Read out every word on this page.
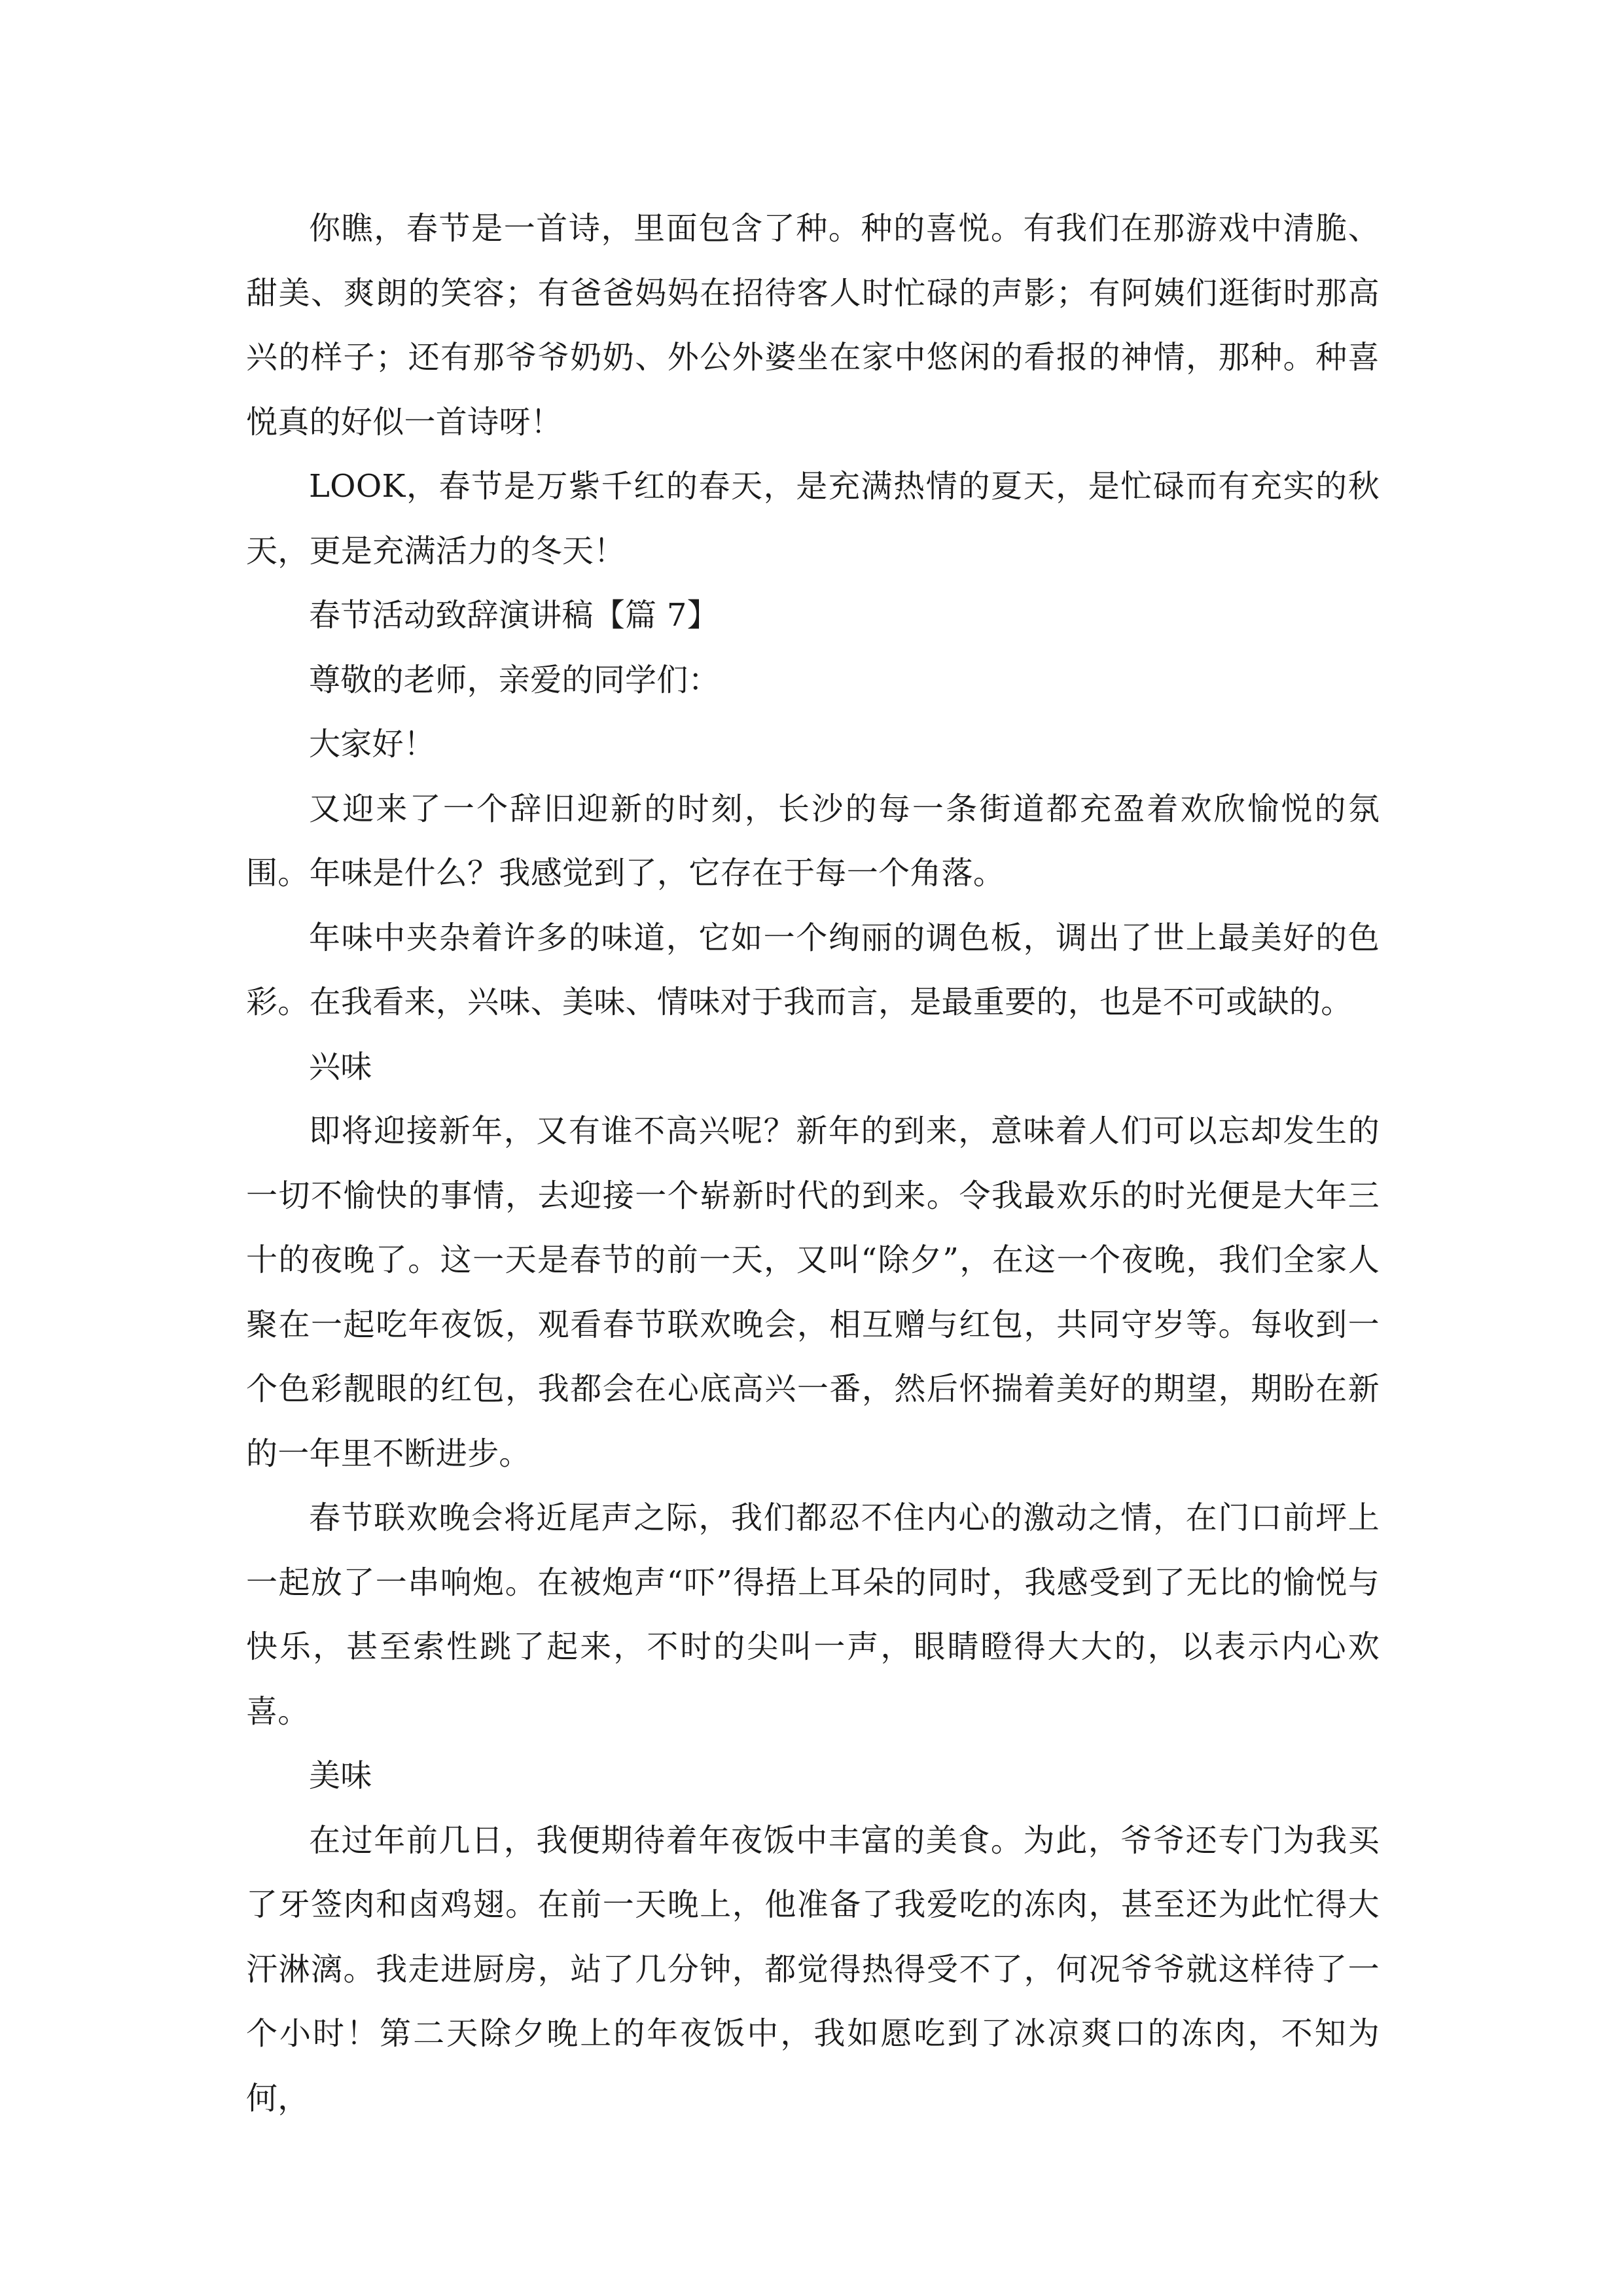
你瞧，春节是一首诗，里面包含了种。种的喜悦。有我们在那游戏中清脆、甜美、爽朗的笑容；有爸爸妈妈在招待客人时忙碌的声影；有阿姨们逛街时那高兴的样子；还有那爷爷奶奶、外公外婆坐在家中悠闲的看报的神情，那种。种喜悦真的好似一首诗呀！

LOOK，春节是万紫千红的春天，是充满热情的夏天，是忙碌而有充实的秋天，更是充满活力的冬天！

春节活动致辞演讲稿【篇 7】

尊敬的老师，亲爱的同学们：

大家好！

又迎来了一个辞旧迎新的时刻，长沙的每一条街道都充盈着欢欣愉悦的氛围。年味是什么？我感觉到了，它存在于每一个角落。

年味中夹杂着许多的味道，它如一个绚丽的调色板，调出了世上最美好的色彩。在我看来，兴味、美味、情味对于我而言，是最重要的，也是不可或缺的。

兴味

即将迎接新年，又有谁不高兴呢？新年的到来，意味着人们可以忘却发生的一切不愉快的事情，去迎接一个崭新时代的到来。令我最欢乐的时光便是大年三十的夜晚了。这一天是春节的前一天，又叫“除夕”，在这一个夜晚，我们全家人聚在一起吃年夜饭，观看春节联欢晚会，相互赠与红包，共同守岁等。每收到一个色彩靓眼的红包，我都会在心底高兴一番，然后怀揣着美好的期望，期盼在新的一年里不断进步。

春节联欢晚会将近尾声之际，我们都忍不住内心的激动之情，在门口前坪上一起放了一串响炮。在被炮声“吓”得捂上耳朵的同时，我感受到了无比的愉悦与快乐，甚至索性跳了起来，不时的尖叫一声，眼睛瞪得大大的，以表示内心欢喜。

美味

在过年前几日，我便期待着年夜饭中丰富的美食。为此，爷爷还专门为我买了牙签肉和卤鸡翅。在前一天晚上，他准备了我爱吃的冻肉，甚至还为此忙得大汗淋漓。我走进厨房，站了几分钟，都觉得热得受不了，何况爷爷就这样待了一个小时！第二天除夕晚上的年夜饭中，我如愿吃到了冰凉爽口的冻肉，不知为何，
